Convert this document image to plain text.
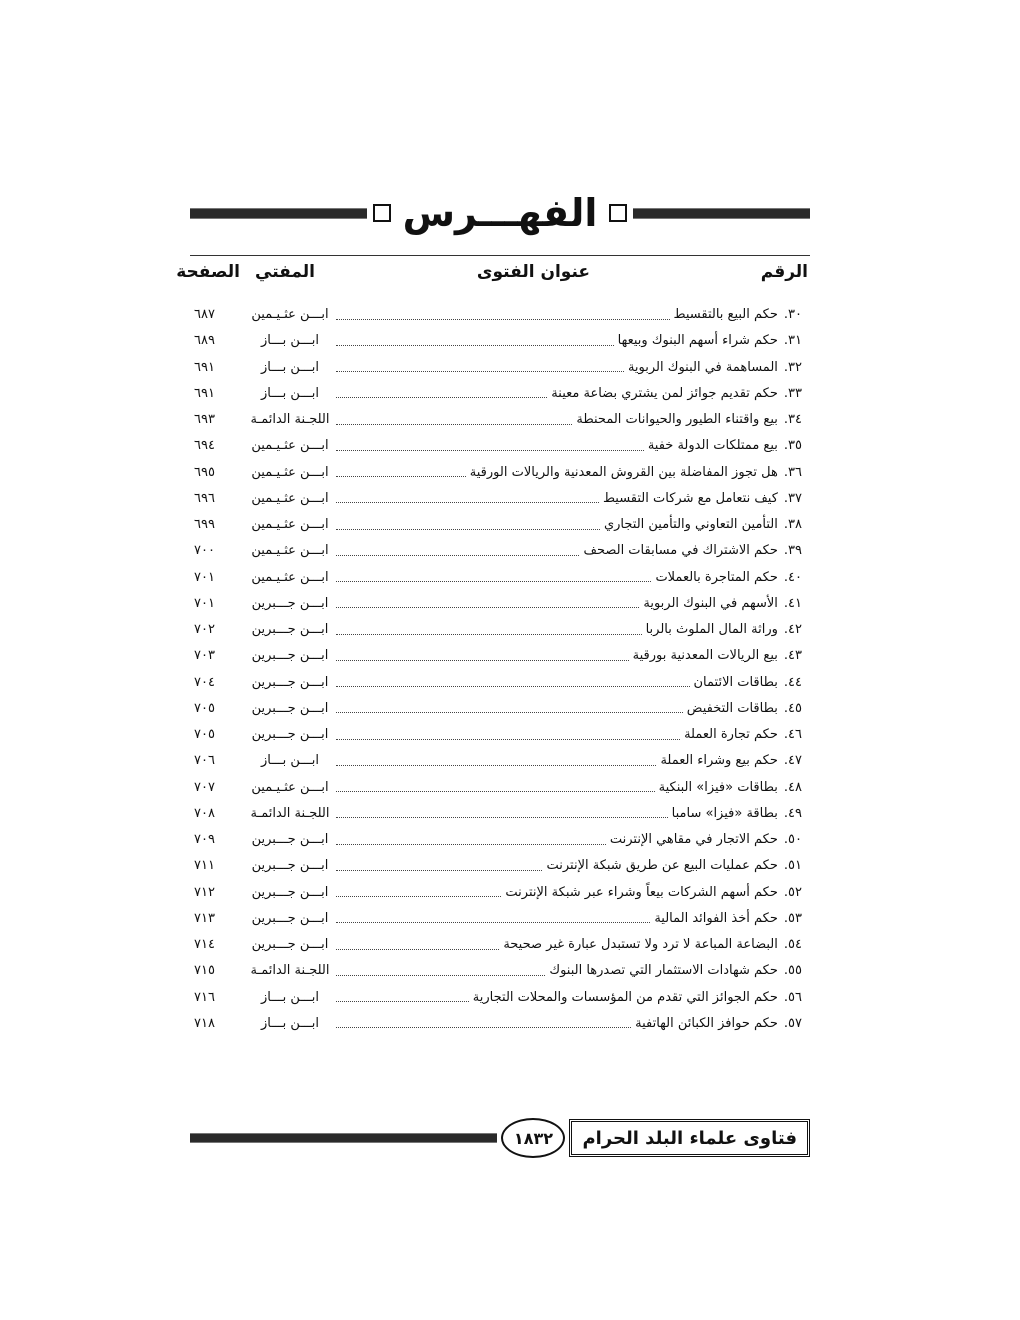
الفهـــرس
الرقم
عنوان الفتوى
المفتي
الصفحة
٣٠.
حكم البيع بالتقسيط
ابـــن عثـيـمين
٦٨٧
٣١.
حكم شراء أسهم البنوك وبيعها
ابـــن بـــاز
٦٨٩
٣٢.
المساهمة في البنوك الربوية
ابـــن بـــاز
٦٩١
٣٣.
حكم تقديم جوائز لمن يشتري بضاعة معينة
ابـــن بـــاز
٦٩١
٣٤.
بيع واقتناء الطيور والحيوانات المحنطة
اللجـنة الدائمـة
٦٩٣
٣٥.
بيع ممتلكات الدولة خفية
ابـــن عثـيـمين
٦٩٤
٣٦.
هل تجوز المفاضلة بين القروش المعدنية والريالات الورقية
ابـــن عثـيـمين
٦٩٥
٣٧.
كيف نتعامل مع شركات التقسيط
ابـــن عثـيـمين
٦٩٦
٣٨.
التأمين التعاوني والتأمين التجاري
ابـــن عثـيـمين
٦٩٩
٣٩.
حكم الاشتراك في مسابقات الصحف
ابـــن عثـيـمين
٧٠٠
٤٠.
حكم المتاجرة بالعملات
ابـــن عثـيـمين
٧٠١
٤١.
الأسهم في البنوك الربوية
ابـــن جـــبرين
٧٠١
٤٢.
وراثة المال الملوث بالربا
ابـــن جـــبرين
٧٠٢
٤٣.
بيع الريالات المعدنية بورقية
ابـــن جـــبرين
٧٠٣
٤٤.
بطاقات الائتمان
ابـــن جـــبرين
٧٠٤
٤٥.
بطاقات التخفيض
ابـــن جـــبرين
٧٠٥
٤٦.
حكم تجارة العملة
ابـــن جـــبرين
٧٠٥
٤٧.
حكم بيع وشراء العملة
ابـــن بـــاز
٧٠٦
٤٨.
بطاقات «فيزا» البنكية
ابـــن عثـيـمين
٧٠٧
٤٩.
بطاقة «فيزا» سامبا
اللجـنة الدائمـة
٧٠٨
٥٠.
حكم الاتجار في مقاهي الإنترنت
ابـــن جـــبرين
٧٠٩
٥١.
حكم عمليات البيع عن طريق شبكة الإنترنت
ابـــن جـــبرين
٧١١
٥٢.
حكم أسهم الشركات بيعاً وشراء عبر شبكة الإنترنت
ابـــن جـــبرين
٧١٢
٥٣.
حكم أخذ الفوائد المالية
ابـــن جـــبرين
٧١٣
٥٤.
البضاعة المباعة لا ترد ولا تستبدل عبارة غير صحيحة
ابـــن جـــبرين
٧١٤
٥٥.
حكم شهادات الاستثمار التي تصدرها البنوك
اللجـنة الدائمـة
٧١٥
٥٦.
حكم الجوائز التي تقدم من المؤسسات والمحلات التجارية
ابـــن بـــاز
٧١٦
٥٧.
حكم حوافز الكبائن الهاتفية
ابـــن بـــاز
٧١٨
١٨٣٢	فتاوى علماء البلد الحرام
